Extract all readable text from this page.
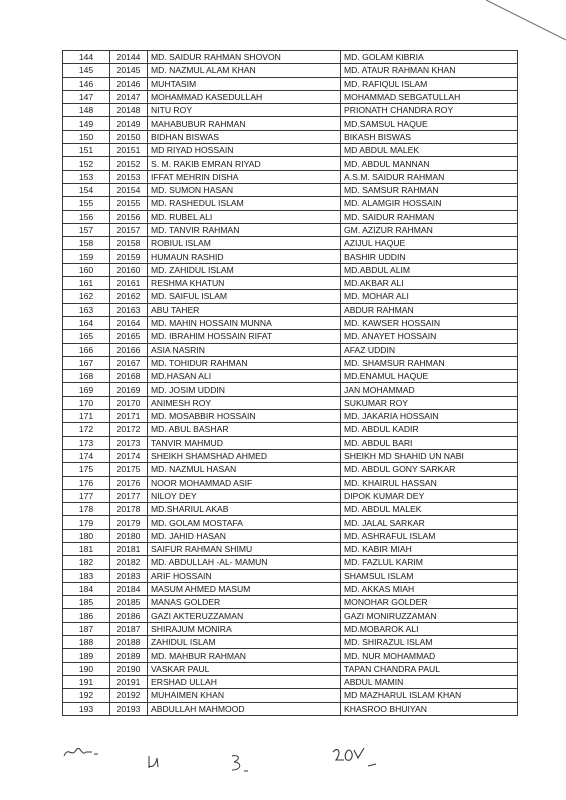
144	20144	MD. SAIDUR RAHMAN SHOVON	MD. GOLAM KIBRIA
145	20145	MD. NAZMUL ALAM KHAN	MD. ATAUR RAHMAN KHAN
146	20146	MUHTASIM	MD. RAFIQUL ISLAM
147	20147	MOHAMMAD KASEDULLAH	MOHAMMAD SEBGATULLAH
148	20148	NITU ROY	PRIONATH CHANDRA ROY
149	20149	MAHABUBUR RAHMAN	MD.SAMSUL HAQUE
150	20150	BIDHAN BISWAS	BIKASH BISWAS
151	20151	MD RIYAD HOSSAIN	MD ABDUL MALEK
152	20152	S. M. RAKIB EMRAN RIYAD	MD. ABDUL MANNAN
153	20153	IFFAT MEHRIN DISHA	A.S.M. SAIDUR RAHMAN
154	20154	MD. SUMON HASAN	MD. SAMSUR RAHMAN
155	20155	MD. RASHEDUL ISLAM	MD. ALAMGIR HOSSAIN
156	20156	MD. RUBEL ALI	MD. SAIDUR RAHMAN
157	20157	MD. TANVIR RAHMAN	GM. AZIZUR RAHMAN
158	20158	ROBIUL ISLAM	AZIJUL HAQUE
159	20159	HUMAUN RASHID	BASHIR UDDIN
160	20160	MD. ZAHIDUL ISLAM	MD.ABDUL ALIM
161	20161	RESHMA KHATUN	MD.AKBAR ALI
162	20162	MD. SAIFUL ISLAM	MD. MOHAR ALI
163	20163	ABU TAHER	ABDUR RAHMAN
164	20164	MD. MAHIN HOSSAIN MUNNA	MD. KAWSER HOSSAIN
165	20165	MD. IBRAHIM HOSSAIN RIFAT	MD. ANAYET HOSSAIN
166	20166	ASIA NASRIN	AFAZ UDDIN
167	20167	MD. TOHIDUR RAHMAN	MD. SHAMSUR RAHMAN
168	20168	MD.HASAN ALI	MD.ENAMUL HAQUE
169	20169	MD. JOSIM UDDIN	JAN MOHAMMAD
170	20170	ANIMESH ROY	SUKUMAR ROY
171	20171	MD. MOSABBIR HOSSAIN	MD. JAKARIA HOSSAIN
172	20172	MD. ABUL BASHAR	MD. ABDUL KADIR
173	20173	TANVIR MAHMUD	MD. ABDUL BARI
174	20174	SHEIKH SHAMSHAD AHMED	SHEIKH MD SHAHID UN NABI
175	20175	MD. NAZMUL HASAN	MD. ABDUL GONY SARKAR
176	20176	NOOR MOHAMMAD ASIF	MD. KHAIRUL HASSAN
177	20177	NILOY DEY	DIPOK KUMAR DEY
178	20178	MD.SHARIUL AKAB	MD. ABDUL MALEK
179	20179	MD. GOLAM MOSTAFA	MD. JALAL SARKAR
180	20180	MD. JAHID HASAN	MD. ASHRAFUL ISLAM
181	20181	SAIFUR RAHMAN SHIMU	MD. KABIR MIAH
182	20182	MD. ABDULLAH -AL- MAMUN	MD. FAZLUL KARIM
183	20183	ARIF HOSSAIN	SHAMSUL ISLAM
184	20184	MASUM AHMED MASUM	MD. AKKAS MIAH
185	20185	MANAS GOLDER	MONOHAR GOLDER
186	20186	GAZI AKTERUZZAMAN	GAZI MONIRUZZAMAN
187	20187	SHIRAJUM MONIRA	MD.MOBAROK ALI
188	20188	ZAHIDUL ISLAM	MD. SHIRAZUL ISLAM
189	20189	MD. MAHBUR RAHMAN	MD. NUR MOHAMMAD
190	20190	VASKAR PAUL	TAPAN CHANDRA PAUL
191	20191	ERSHAD ULLAH	ABDUL MAMIN
192	20192	MUHAIMEN KHAN	MD MAZHARUL ISLAM KHAN
193	20193	ABDULLAH MAHMOOD	KHASROO BHUIYAN
